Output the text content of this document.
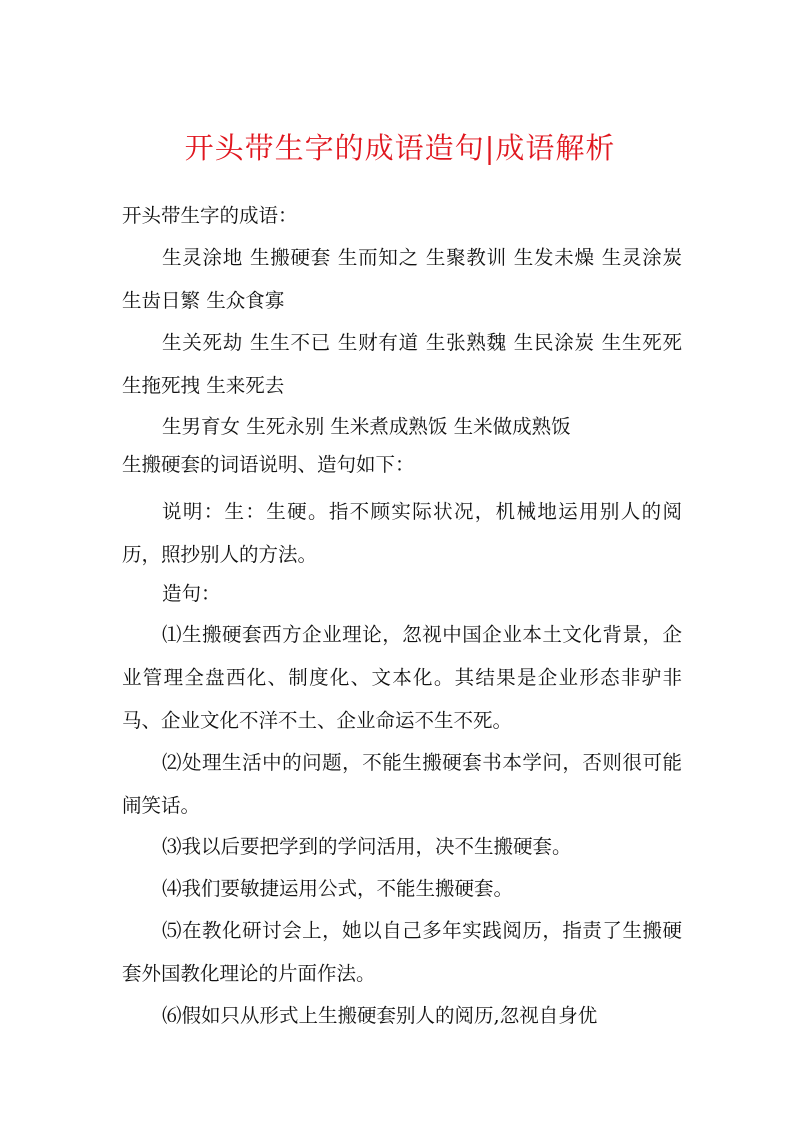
开头带生字的成语造句|成语解析
开头带生字的成语：

生灵涂地 生搬硬套 生而知之 生聚教训 生发未燥 生灵涂炭 生齿日繁 生众食寡

生关死劫 生生不已 生财有道 生张熟魏 生民涂炭 生生死死 生拖死拽 生来死去

生男育女 生死永别 生米煮成熟饭 生米做成熟饭

生搬硬套的词语说明、造句如下：

说明：生：生硬。指不顾实际状况，机械地运用别人的阅历，照抄别人的方法。

造句：

⑴生搬硬套西方企业理论，忽视中国企业本土文化背景，企业管理全盘西化、制度化、文本化。其结果是企业形态非驴非马、企业文化不洋不土、企业命运不生不死。

⑵处理生活中的问题，不能生搬硬套书本学问，否则很可能闹笑话。

⑶我以后要把学到的学问活用，决不生搬硬套。

⑷我们要敏捷运用公式，不能生搬硬套。

⑸在教化研讨会上，她以自己多年实践阅历，指责了生搬硬套外国教化理论的片面作法。

⑹假如只从形式上生搬硬套别人的阅历,忽视自身优
